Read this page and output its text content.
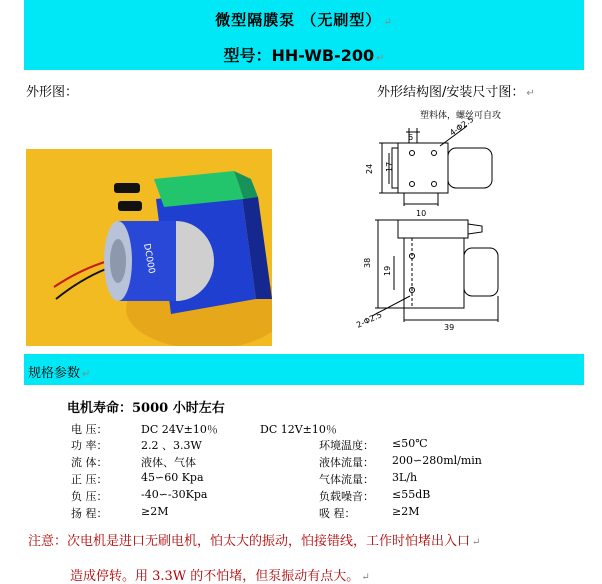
微型隔膜泵 （无刷型） ↵
型号：HH-WB-200 ↵
外形图：	外形结构图/安装尺寸图： ↵
DC000
塑料体，螺丝可自攻
6	4-Φ2.5
24 17
10
38
19
2-Φ2.5	39
规格参数 ↵
电机寿命：5000 小时左右
电 压：	DC 24V±10％	DC 12V±10％
功 率：	2.2 、3.3W	环境温度： ≤50℃
流 体：	液体、气体	液体流量： 200∽280ml/min
正 压：	45∽60 Kpa	气体流量： 3L/h
负 压：	-40∽-30Kpa	负载噪音： ≤55dB
扬 程：	≥2M	吸 程：	≥2M
注意：次电机是进口无刷电机，怕太大的振动，怕接错线，工作时怕堵出入口 ↵
造成停转。用 3.3W 的不怕堵，但泵振动有点大。 ↵
